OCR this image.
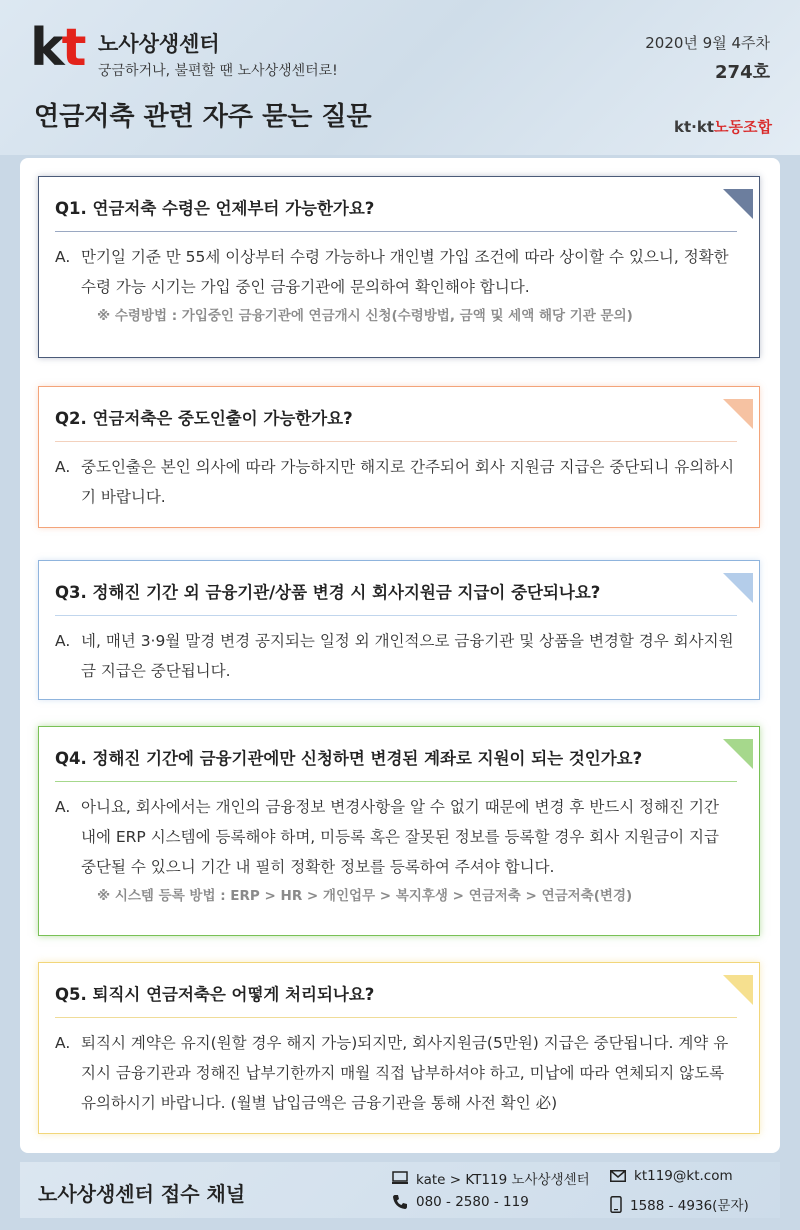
kt 노사상생센터
궁금하거나, 불편할 땐 노사상생센터로!
2020년 9월 4주차
274호
연금저축 관련 자주 묻는 질문	kt·kt노동조합
Q1. 연금저축 수령은 언제부터 가능한가요?
A. 만기일 기준 만 55세 이상부터 수령 가능하나 개인별 가입 조건에 따라 상이할 수 있으니, 정확한 수령 가능 시기는 가입 중인 금융기관에 문의하여 확인해야 합니다.
※ 수령방법 : 가입중인 금융기관에 연금개시 신청(수령방법, 금액 및 세액 해당 기관 문의)
Q2. 연금저축은 중도인출이 가능한가요?
A. 중도인출은 본인 의사에 따라 가능하지만 해지로 간주되어 회사 지원금 지급은 중단되니 유의하시기 바랍니다.
Q3. 정해진 기간 외 금융기관/상품 변경 시 회사지원금 지급이 중단되나요?
A. 네, 매년 3·9월 말경 변경 공지되는 일정 외 개인적으로 금융기관 및 상품을 변경할 경우 회사지원금 지급은 중단됩니다.
Q4. 정해진 기간에 금융기관에만 신청하면 변경된 계좌로 지원이 되는 것인가요?
A. 아니요, 회사에서는 개인의 금융정보 변경사항을 알 수 없기 때문에 변경 후 반드시 정해진 기간 내에 ERP 시스템에 등록해야 하며, 미등록 혹은 잘못된 정보를 등록할 경우 회사 지원금이 지급 중단될 수 있으니 기간 내 필히 정확한 정보를 등록하여 주셔야 합니다.
※ 시스템 등록 방법 : ERP > HR > 개인업무 > 복지후생 > 연금저축 > 연금저축(변경)
Q5. 퇴직시 연금저축은 어떻게 처리되나요?
A. 퇴직시 계약은 유지(원할 경우 해지 가능)되지만, 회사지원금(5만원) 지급은 중단됩니다. 계약 유지시 금융기관과 정해진 납부기한까지 매월 직접 납부하셔야 하고, 미납에 따라 연체되지 않도록 유의하시기 바랍니다. (월별 납입금액은 금융기관을 통해 사전 확인 必)
노사상생센터 접수 채널
kate > KT119 노사상생센터	kt119@kt.com
080 - 2580 - 119	1588 - 4936(문자)
